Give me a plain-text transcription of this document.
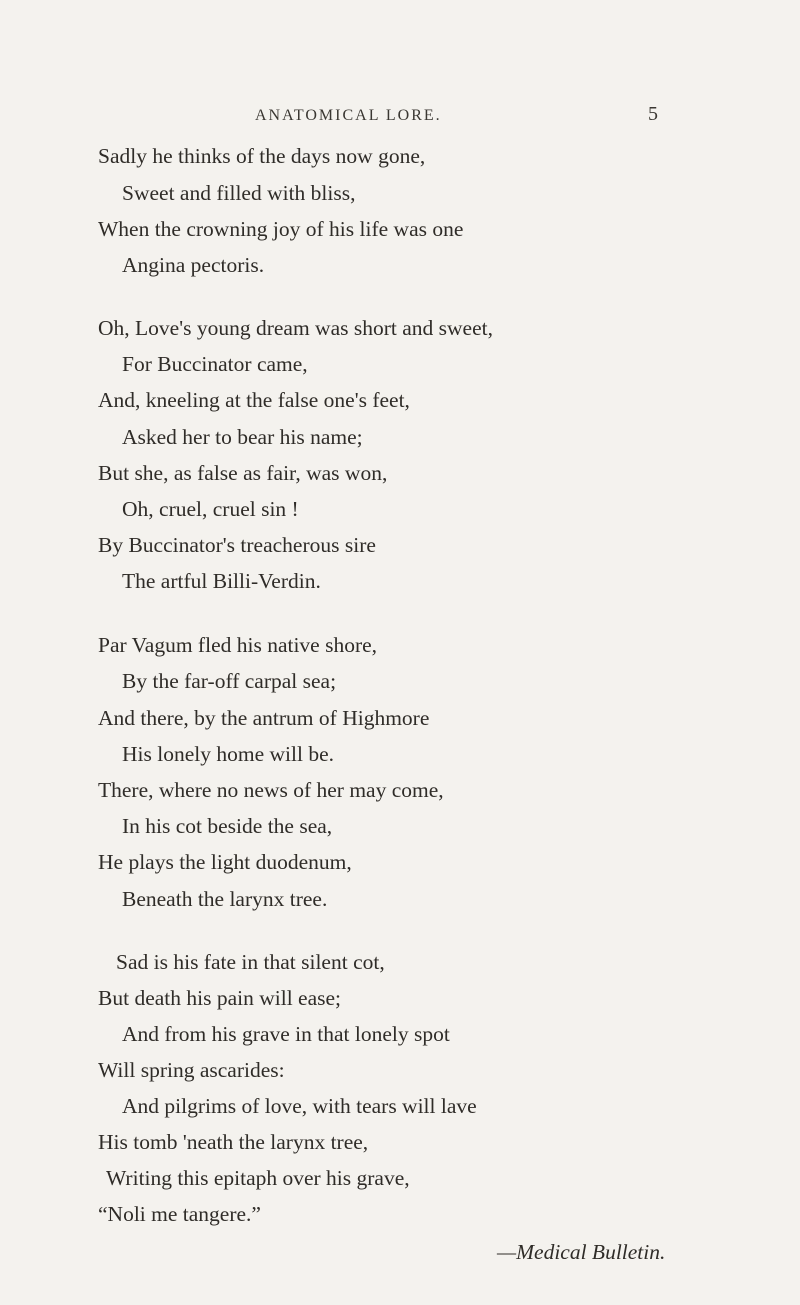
ANATOMICAL LORE.	5
Sadly he thinks of the days now gone,
Sweet and filled with bliss,
When the crowning joy of his life was one
Angina pectoris.
Oh, Love's young dream was short and sweet,
For Buccinator came,
And, kneeling at the false one's feet,
Asked her to bear his name;
But she, as false as fair, was won,
Oh, cruel, cruel sin !
By Buccinator's treacherous sire
The artful Billi-Verdin.
Par Vagum fled his native shore,
By the far-off carpal sea;
And there, by the antrum of Highmore
His lonely home will be.
There, where no news of her may come,
In his cot beside the sea,
He plays the light duodenum,
Beneath the larynx tree.
Sad is his fate in that silent cot,
But death his pain will ease;
And from his grave in that lonely spot
Will spring ascarides:
And pilgrims of love, with tears will lave
His tomb 'neath the larynx tree,
Writing this epitaph over his grave,
“Noli me tangere.”
—Medical Bulletin.
